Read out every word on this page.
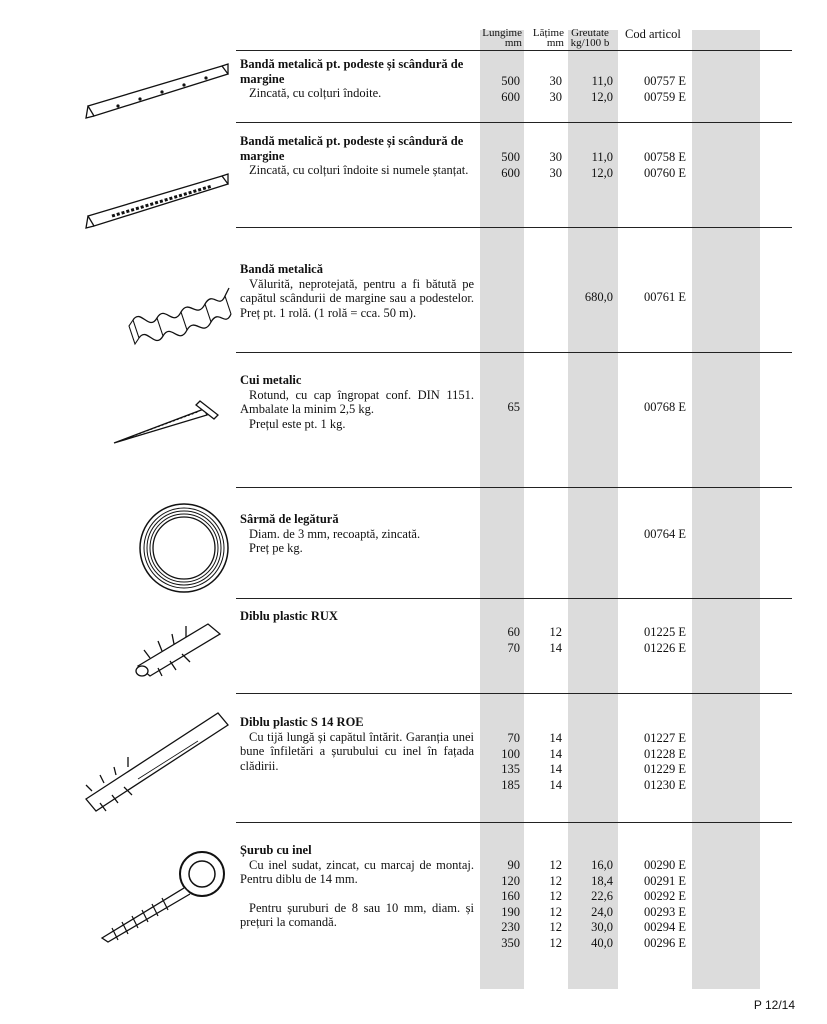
Lungime
mm
Lățime
mm
Greutate
kg/100 b
Cod articol
Bandă metalică pt. podeste și scândură de margine
Zincată, cu colțuri îndoite.
500
600
30
30
11,0
12,0
00757 E
00759 E
Bandă metalică pt. podeste și scândură de margine
Zincată, cu colțuri îndoite si numele ștanțat.
500
600
30
30
11,0
12,0
00758 E
00760 E
Bandă metalică
Vălurită, neprotejată, pentru a fi bătută pe capătul scândurii de margine sau a podestelor. Preț pt. 1 rolă. (1 rolă = cca. 50 m).
680,0	00761 E
Cui metalic
Rotund, cu cap îngropat conf. DIN 1151. Ambalate la minim 2,5 kg.
Prețul este pt. 1 kg.
65	00768 E
Sârmă de legătură
Diam. de 3 mm, recoaptă, zincată.
Preț pe kg.
00764 E
Diblu plastic RUX
60
70
12
14
01225 E
01226 E
Diblu plastic S 14 ROE
Cu tijă lungă și capătul întărit. Garanția unei bune înfiletări a șurubului cu inel în fațada clădirii.
70
100
135
185
14
14
14
14
01227 E
01228 E
01229 E
01230 E
Șurub cu inel
Cu inel sudat, zincat, cu marcaj de montaj. Pentru diblu de 14 mm.
Pentru șuruburi de 8 sau 10 mm, diam. și prețuri la comandă.
90
120
160
190
230
350
12
12
12
12
12
12
16,0
18,4
22,6
24,0
30,0
40,0
00290 E
00291 E
00292 E
00293 E
00294 E
00296 E
P 12/14
